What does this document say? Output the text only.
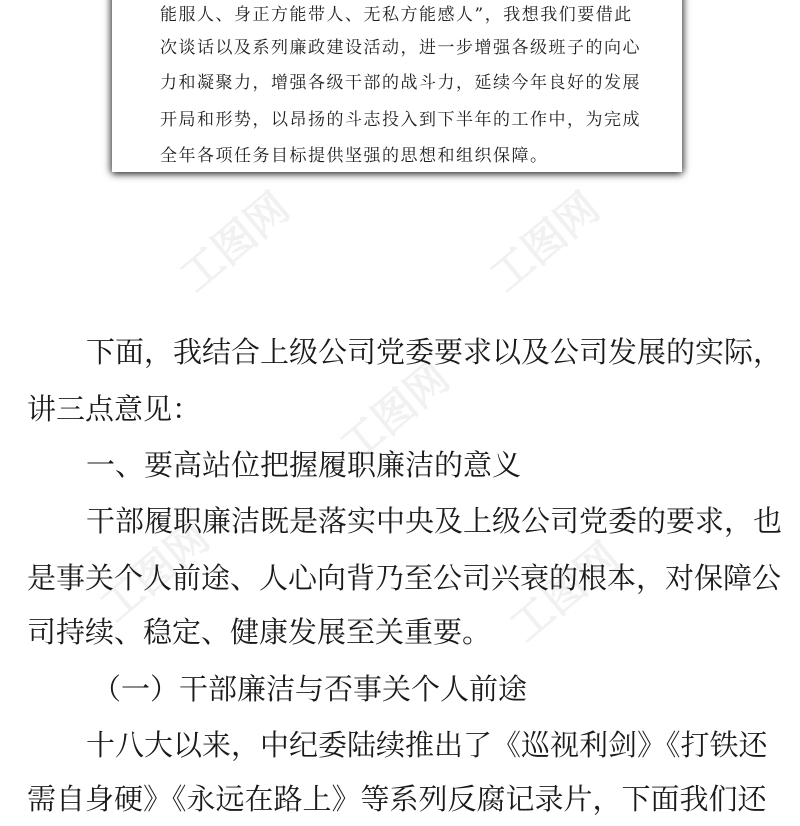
工图网	工图网
工图网
工图网	工图网
能服人、身正方能带人、无私方能感人”，我想我们要借此
次谈话以及系列廉政建设活动，进一步增强各级班子的向心
力和凝聚力，增强各级干部的战斗力，延续今年良好的发展
开局和形势，以昂扬的斗志投入到下半年的工作中，为完成
全年各项任务目标提供坚强的思想和组织保障。
下面，我结合上级公司党委要求以及公司发展的实际，
讲三点意见：
一、要高站位把握履职廉洁的意义
干部履职廉洁既是落实中央及上级公司党委的要求，也
是事关个人前途、人心向背乃至公司兴衰的根本，对保障公
司持续、稳定、健康发展至关重要。
（一）干部廉洁与否事关个人前途
十八大以来，中纪委陆续推出了《巡视利剑》《打铁还
需自身硬》《永远在路上》等系列反腐记录片，下面我们还
